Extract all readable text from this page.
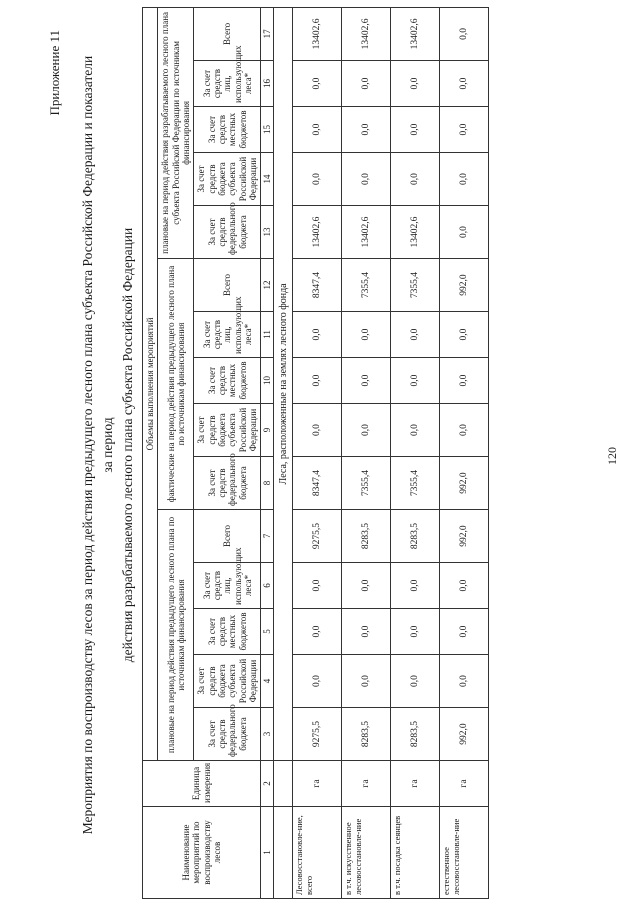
Приложение 11 Мероприятия по воспроизводству лесов за период действия предыдущего лесного плана субъекта Российской Федерации и показатели за период действия разрабатываемого лесного плана субъекта Российской Федерации
Наименование мероприятий по воспроизводству лесов	Единица измерения	Объемы выполнения мероприятий														
		плановые на период действия предыдущего лесного плана по источникам финансирования					фактические на период действия предыдущего лесного плана по источникам финансирования					плановые на период действия разрабатываемого лесного плана субъекта Российской Федерации по источникам финансирования				
		За счет средств федерального бюджета	За счет средств бюджета субъекта Российской Федерации	За счет средств местных бюджетов	За счет средств лиц, использующих леса*	Всего	За счет средств федерального бюджета	За счет средств бюджета субъекта Российской Федерации	За счет средств местных бюджетов	За счет средств лиц, использующих леса*	Всего	За счет средств федерального бюджета	За счет средств бюджета субъекта Российской Федерации	За счет средств местных бюджетов	За счет средств лиц, использующих леса*	Всего
1	2	3	4	5	6	7	8	9	10	11	12	13	14	15	16	17
		Леса, расположенные на землях лесного фонда														
Лесовосстановле-ние, всего	га	9275,5	0,0	0,0	0,0	9275,5	8347,4	0,0	0,0	0,0	8347,4	13402,6	0,0	0,0	0,0	13402,6
в т.ч. искусственное лесовосстановле-ние	га	8283,5	0,0	0,0	0,0	8283,5	7355,4	0,0	0,0	0,0	7355,4	13402,6	0,0	0,0	0,0	13402,6
в т.ч. посадка сеянцев	га	8283,5	0,0	0,0	0,0	8283,5	7355,4	0,0	0,0	0,0	7355,4	13402,6	0,0	0,0	0,0	13402,6
естественное лесовосстановле-ние	га	992,0	0,0	0,0	0,0	992,0	992,0	0,0	0,0	0,0	992,0	0,0	0,0	0,0	0,0	0,0
120
